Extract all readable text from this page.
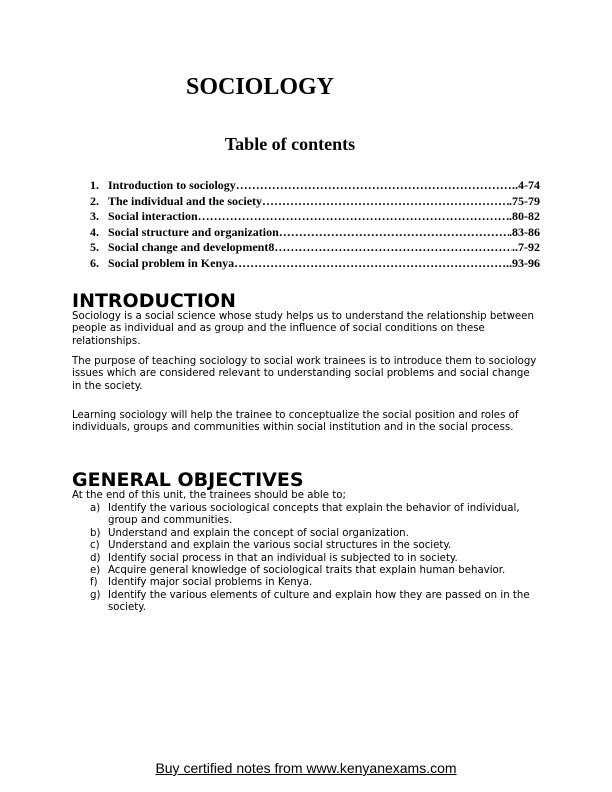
SOCIOLOGY
Table of contents
1. Introduction to sociology ……………………………………………………………………………………………………………………………………………………	..4-74
2. The individual and the society ……………………………………………………………………………………………………………………………………………………	.75-79
3. Social interaction ……………………………………………………………………………………………………………………………………………………	.80-82
4. Social structure and organization ……………………………………………………………………………………………………………………………………………………	.83-86
5. Social change and development8 ……………………………………………………………………………………………………………………………………………………	..7-92
6. Social problem in Kenya ……………………………………………………………………………………………………………………………………………………	..93-96
INTRODUCTION

Sociology is a social science whose study helps us to understand the relationship between people as individual and as group and the influence of social conditions on these relationships.

The purpose of teaching sociology to social work trainees is to introduce them to sociology issues which are considered relevant to understanding social problems and social change in the society.

Learning sociology will help the trainee to conceptualize the social position and roles of individuals, groups and communities within social institution and in the social process.

GENERAL OBJECTIVES

At the end of this unit, the trainees should be able to;

a) Identify the various sociological concepts that explain the behavior of individual, group and communities.
b) Understand and explain the concept of social organization.
c) Understand and explain the various social structures in the society.
d) Identify social process in that an individual is subjected to in society.
e) Acquire general knowledge of sociological traits that explain human behavior.
f)	Identify major social problems in Kenya.
g) Identify the various elements of culture and explain how they are passed on in the society.

Buy certified notes from www.kenyanexams.com
